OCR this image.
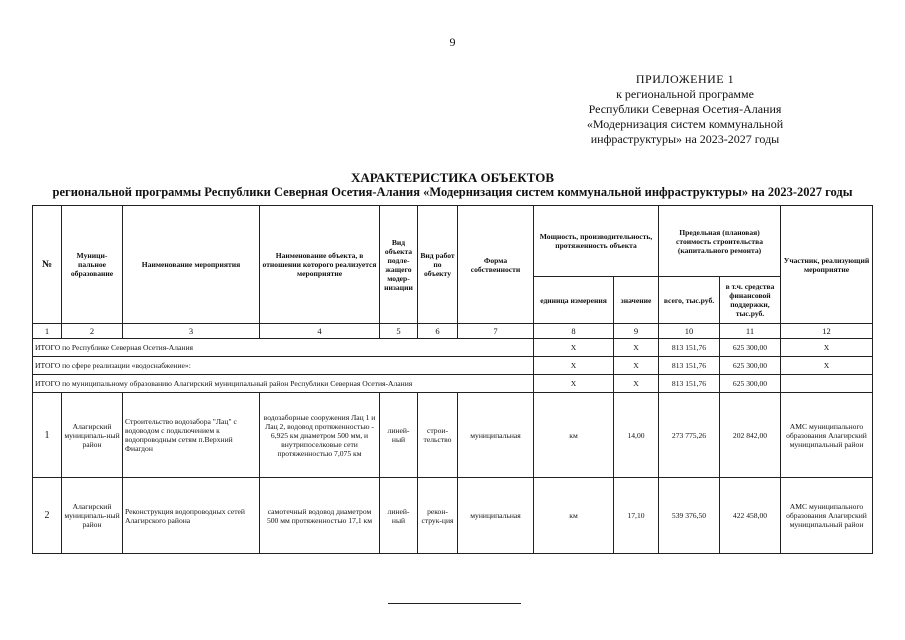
9
ПРИЛОЖЕНИЕ 1
к региональной программе
Республики Северная Осетия-Алания
«Модернизация систем коммунальной
инфраструктуры» на 2023-2027 годы
ХАРАКТЕРИСТИКА ОБЪЕКТОВ
региональной программы Республики Северная Осетия-Алания «Модернизация систем коммунальной инфраструктуры» на 2023-2027 годы
№	Муници-пальное образование	Наименование мероприятия	Наименование объекта, в отношении которого реализуется мероприятие	Вид объекта подле-жащего модер-низации	Вид работ по объекту	Форма собственности	Мощность, производительность, протяженность объекта		Предельная (плановая) стоимость строительства (капитального ремонта)		Участник, реализующий мероприятие
							единица измерения	значение	всего, тыс.руб.	в т.ч. средства финансовой поддержки, тыс.руб.	
1	2	3	4	5	6	7	8	9	10	11	12
ИТОГО по Республике Северная Осетия-Алания							X	X	813 151,76	625 300,00	X
ИТОГО по сфере реализации «водоснабжение»:							X	X	813 151,76	625 300,00	X
ИТОГО по муниципальному образованию Алагирский муниципальный район Республики Северная Осетия-Алания							X	X	813 151,76	625 300,00	
1	Алагирский муниципаль-ный район	Строительство водозабора "Лац" с водоводом с подключением к водопроводным сетям п.Верхний Фиагдон	водозаборные сооружения Лац 1 и Лац 2, водовод протяженностью - 6,925 км диаметром 500 мм, и внутрипоселковые сети протяженностью 7,075 км	линей-ный	строи-тельство	муниципальная	км	14,00	273 775,26	202 842,00	АМС муниципального образования Алагирский муниципальный район
2	Алагирский муниципаль-ный район	Реконструкция водопроводных сетей Алагирского района	самотечный водовод диаметром 500 мм протяженностью 17,1 км	линей-ный	рекон-струк-ция	муниципальная	км	17,10	539 376,50	422 458,00	АМС муниципального образования Алагирский муниципальный район
